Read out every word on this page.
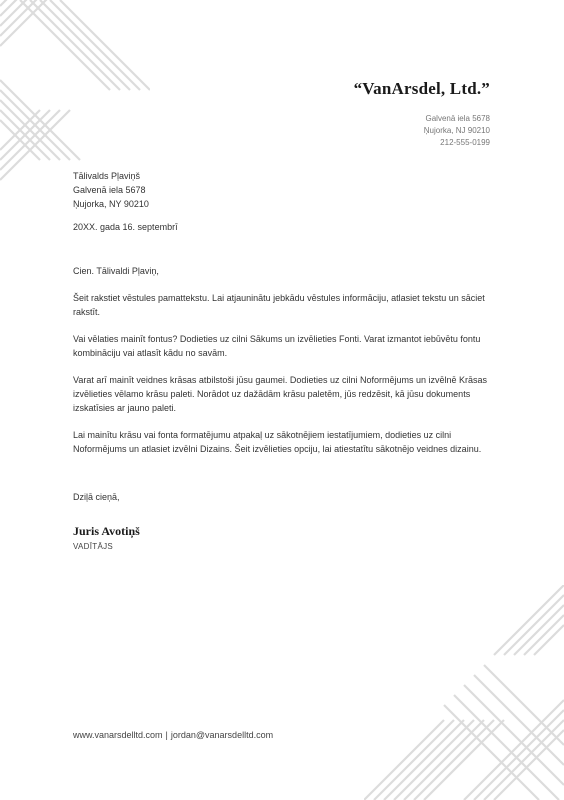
“VanArsdel, Ltd.”
Galvenā iela 5678
Ņujorka, NJ 90210
212-555-0199
Tālivalds Pļaviņš
Galvenā iela 5678
Ņujorka, NY 90210
20XX. gada 16. septembrī

Cien. Tālivaldi Pļaviņ,

Šeit rakstiet vēstules pamattekstu. Lai atjauninātu jebkādu vēstules informāciju, atlasiet tekstu un sāciet rakstīt.

Vai vēlaties mainīt fontus? Dodieties uz cilni Sākums un izvēlieties Fonti. Varat izmantot iebūvētu fontu kombināciju vai atlasīt kādu no savām.

Varat arī mainīt veidnes krāsas atbilstoši jūsu gaumei. Dodieties uz cilni Noformējums un izvēlnē Krāsas izvēlieties vēlamo krāsu paleti. Norādot uz dažādām krāsu paletēm, jūs redzēsit, kā jūsu dokuments izskatīsies ar jauno paleti.

Lai mainītu krāsu vai fonta formatējumu atpakaļ uz sākotnējiem iestatījumiem, dodieties uz cilni Noformējums un atlasiet izvēlni Dizains. Šeit izvēlieties opciju, lai atiestatītu sākotnējo veidnes dizainu.

Dziļā cieņā,
Juris Avotiņš
VADĪTĀJS
www.vanarsdelltd.com | jordan@vanarsdelltd.com
